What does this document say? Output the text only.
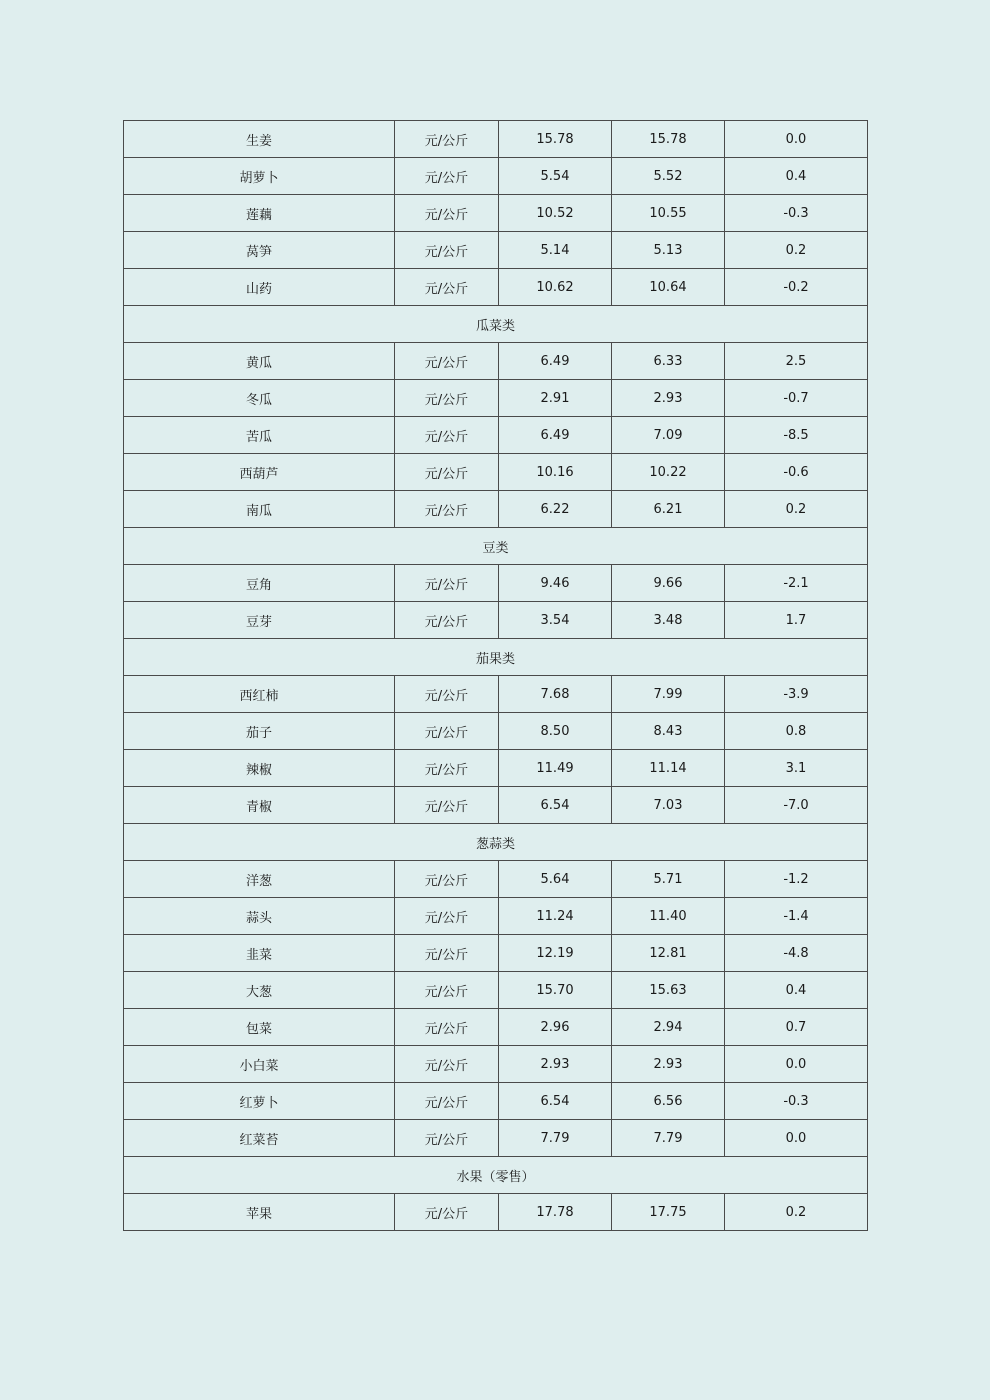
生姜	元/公斤	15.78	15.78	0.0
胡萝卜	元/公斤	5.54	5.52	0.4
莲藕	元/公斤	10.52	10.55	-0.3
莴笋	元/公斤	5.14	5.13	0.2
山药	元/公斤	10.62	10.64	-0.2
瓜菜类				
黄瓜	元/公斤	6.49	6.33	2.5
冬瓜	元/公斤	2.91	2.93	-0.7
苦瓜	元/公斤	6.49	7.09	-8.5
西葫芦	元/公斤	10.16	10.22	-0.6
南瓜	元/公斤	6.22	6.21	0.2
豆类				
豆角	元/公斤	9.46	9.66	-2.1
豆芽	元/公斤	3.54	3.48	1.7
茄果类				
西红柿	元/公斤	7.68	7.99	-3.9
茄子	元/公斤	8.50	8.43	0.8
辣椒	元/公斤	11.49	11.14	3.1
青椒	元/公斤	6.54	7.03	-7.0
葱蒜类				
洋葱	元/公斤	5.64	5.71	-1.2
蒜头	元/公斤	11.24	11.40	-1.4
韭菜	元/公斤	12.19	12.81	-4.8
大葱	元/公斤	15.70	15.63	0.4
包菜	元/公斤	2.96	2.94	0.7
小白菜	元/公斤	2.93	2.93	0.0
红萝卜	元/公斤	6.54	6.56	-0.3
红菜苔	元/公斤	7.79	7.79	0.0
水果（零售）				
苹果	元/公斤	17.78	17.75	0.2
